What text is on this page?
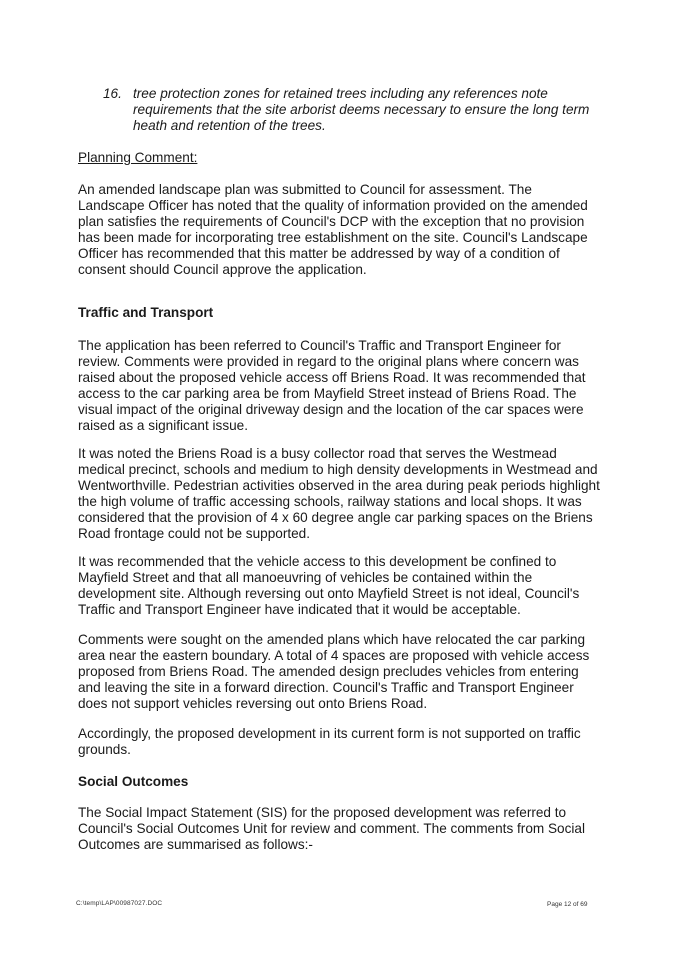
16. tree protection zones for retained trees including any references note requirements that the site arborist deems necessary to ensure the long term heath and retention of the trees.
Planning Comment:

An amended landscape plan was submitted to Council for assessment. The Landscape Officer has noted that the quality of information provided on the amended plan satisfies the requirements of Council's DCP with the exception that no provision has been made for incorporating tree establishment on the site. Council's Landscape Officer has recommended that this matter be addressed by way of a condition of consent should Council approve the application.

Traffic and Transport

The application has been referred to Council's Traffic and Transport Engineer for review. Comments were provided in regard to the original plans where concern was raised about the proposed vehicle access off Briens Road. It was recommended that access to the car parking area be from Mayfield Street instead of Briens Road. The visual impact of the original driveway design and the location of the car spaces were raised as a significant issue.

It was noted the Briens Road is a busy collector road that serves the Westmead medical precinct, schools and medium to high density developments in Westmead and Wentworthville. Pedestrian activities observed in the area during peak periods highlight the high volume of traffic accessing schools, railway stations and local shops. It was considered that the provision of 4 x 60 degree angle car parking spaces on the Briens Road frontage could not be supported.

It was recommended that the vehicle access to this development be confined to Mayfield Street and that all manoeuvring of vehicles be contained within the development site. Although reversing out onto Mayfield Street is not ideal, Council's Traffic and Transport Engineer have indicated that it would be acceptable.

Comments were sought on the amended plans which have relocated the car parking area near the eastern boundary. A total of 4 spaces are proposed with vehicle access proposed from Briens Road. The amended design precludes vehicles from entering and leaving the site in a forward direction. Council's Traffic and Transport Engineer does not support vehicles reversing out onto Briens Road.

Accordingly, the proposed development in its current form is not supported on traffic grounds.

Social Outcomes

The Social Impact Statement (SIS) for the proposed development was referred to Council's Social Outcomes Unit for review and comment. The comments from Social Outcomes are summarised as follows:-

C:\temp\LAP\00987027.DOC	Page 12 of 69
